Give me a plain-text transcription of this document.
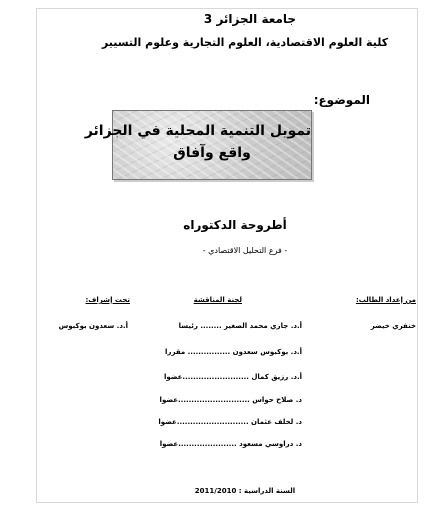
جامعة الجزائر 3
كلية العلوم الاقتصادية، العلوم التجارية وعلوم التسيير
الموضوع:
تمويل التنمية المحلية في الجزائر
واقع وآفاق
أطروحة الدكتوراه
- فرع التحليل الاقتصادي -
من إعداد الطالب:
لجنة المناقشة
تحت إشراف:
خنفري خيضر
أ.د. سعدون بوكبوس	أ.د. جاري محمد الصغير ........ رئيسا
أ.د. بوكبوس سعدون ................ مقررا
أ.د. رزيق كمال .........................عضوا
د. صلاح حواس ...........................عضوا
د. لخلف عثمان ...........................عضوا
د. دراوسي مسعود ......................عضوا
السنة الدراسية : 2011/2010
